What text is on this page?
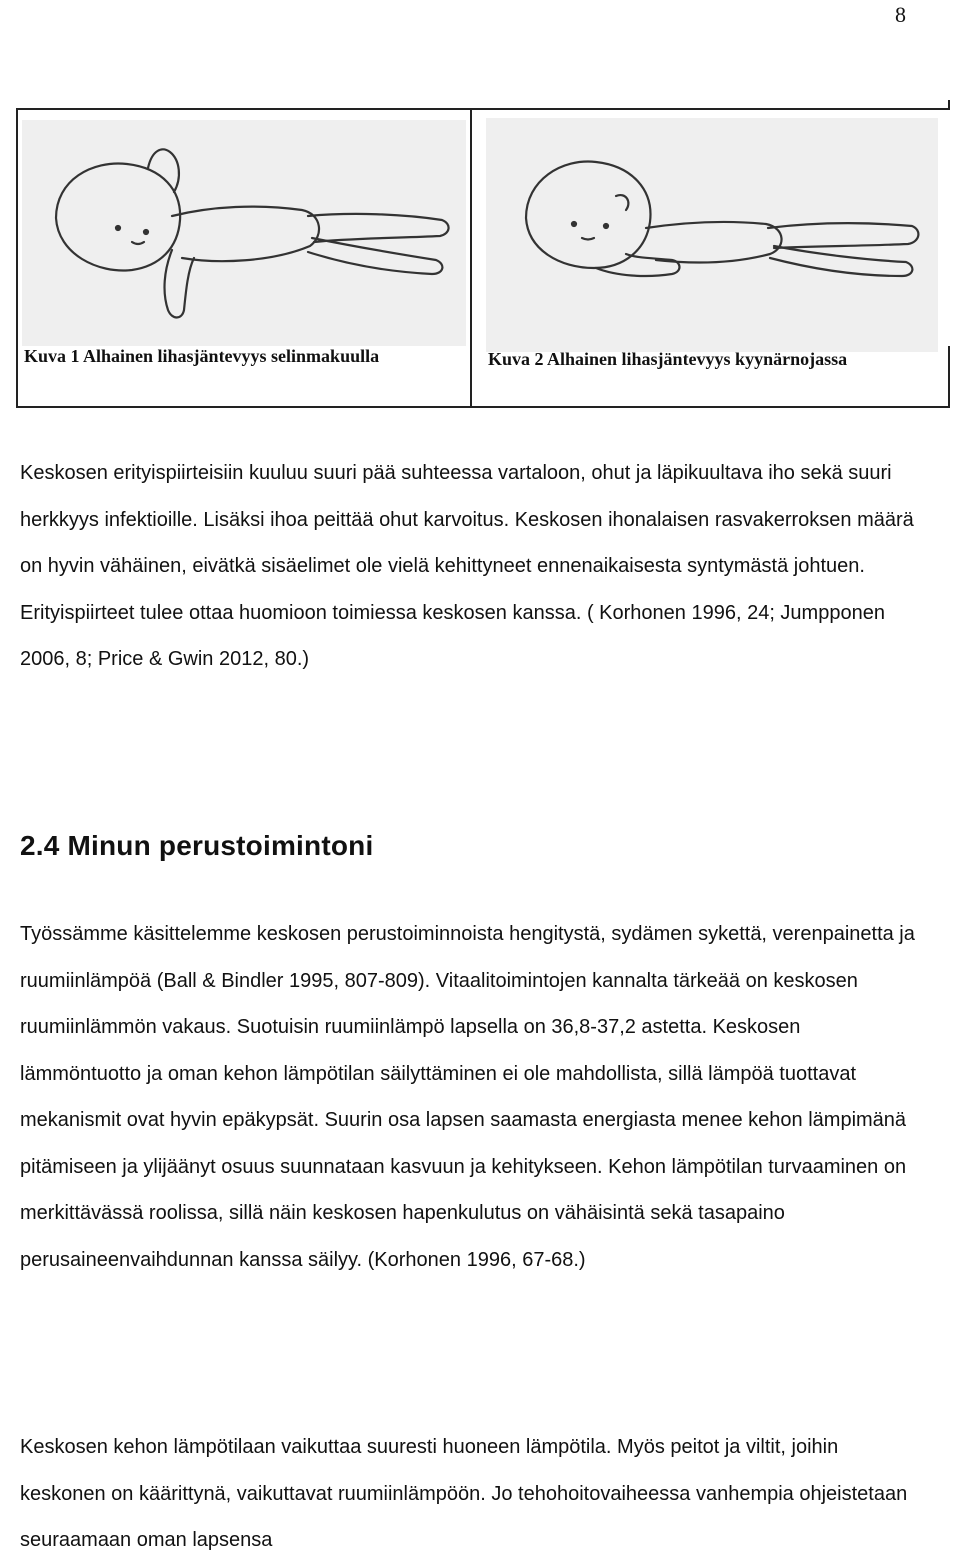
8
Kuva 1 Alhainen lihasjäntevyys selinmakuulla	Kuva 2 Alhainen lihasjäntevyys kyynärnojassa

Keskosen erityispiirteisiin kuuluu suuri pää suhteessa vartaloon, ohut ja läpikuultava iho sekä suuri herkkyys infektioille. Lisäksi ihoa peittää ohut karvoitus. Keskosen ihonalaisen rasvakerroksen määrä on hyvin vähäinen, eivätkä sisäelimet ole vielä kehittyneet ennenaikaisesta syntymästä johtuen. Erityispiirteet tulee ottaa huomioon toimiessa keskosen kanssa. ( Korhonen 1996, 24; Jumpponen 2006, 8; Price & Gwin 2012, 80.)

2.4 Minun perustoimintoni

Työssämme käsittelemme keskosen perustoiminnoista hengitystä, sydämen sykettä, verenpainetta ja ruumiinlämpöä (Ball & Bindler 1995, 807-809). Vitaalitoimintojen kannalta tärkeää on keskosen ruumiinlämmön vakaus. Suotuisin ruumiinlämpö lapsella on 36,8-37,2 astetta. Keskosen lämmöntuotto ja oman kehon lämpötilan säilyttäminen ei ole mahdollista, sillä lämpöä tuottavat mekanismit ovat hyvin epäkypsät. Suurin osa lapsen saamasta energiasta menee kehon lämpimänä pitämiseen ja ylijäänyt osuus suunnataan kasvuun ja kehitykseen. Kehon lämpötilan turvaaminen on merkittävässä roolissa, sillä näin keskosen hapenkulutus on vähäisintä sekä tasapaino perusaineenvaihdunnan kanssa säilyy. (Korhonen 1996, 67-68.)

Keskosen kehon lämpötilaan vaikuttaa suuresti huoneen lämpötila. Myös peitot ja viltit, joihin keskonen on käärittynä, vaikuttavat ruumiinlämpöön. Jo tehohoitovaiheessa vanhempia ohjeistetaan seuraamaan oman lapsensa
